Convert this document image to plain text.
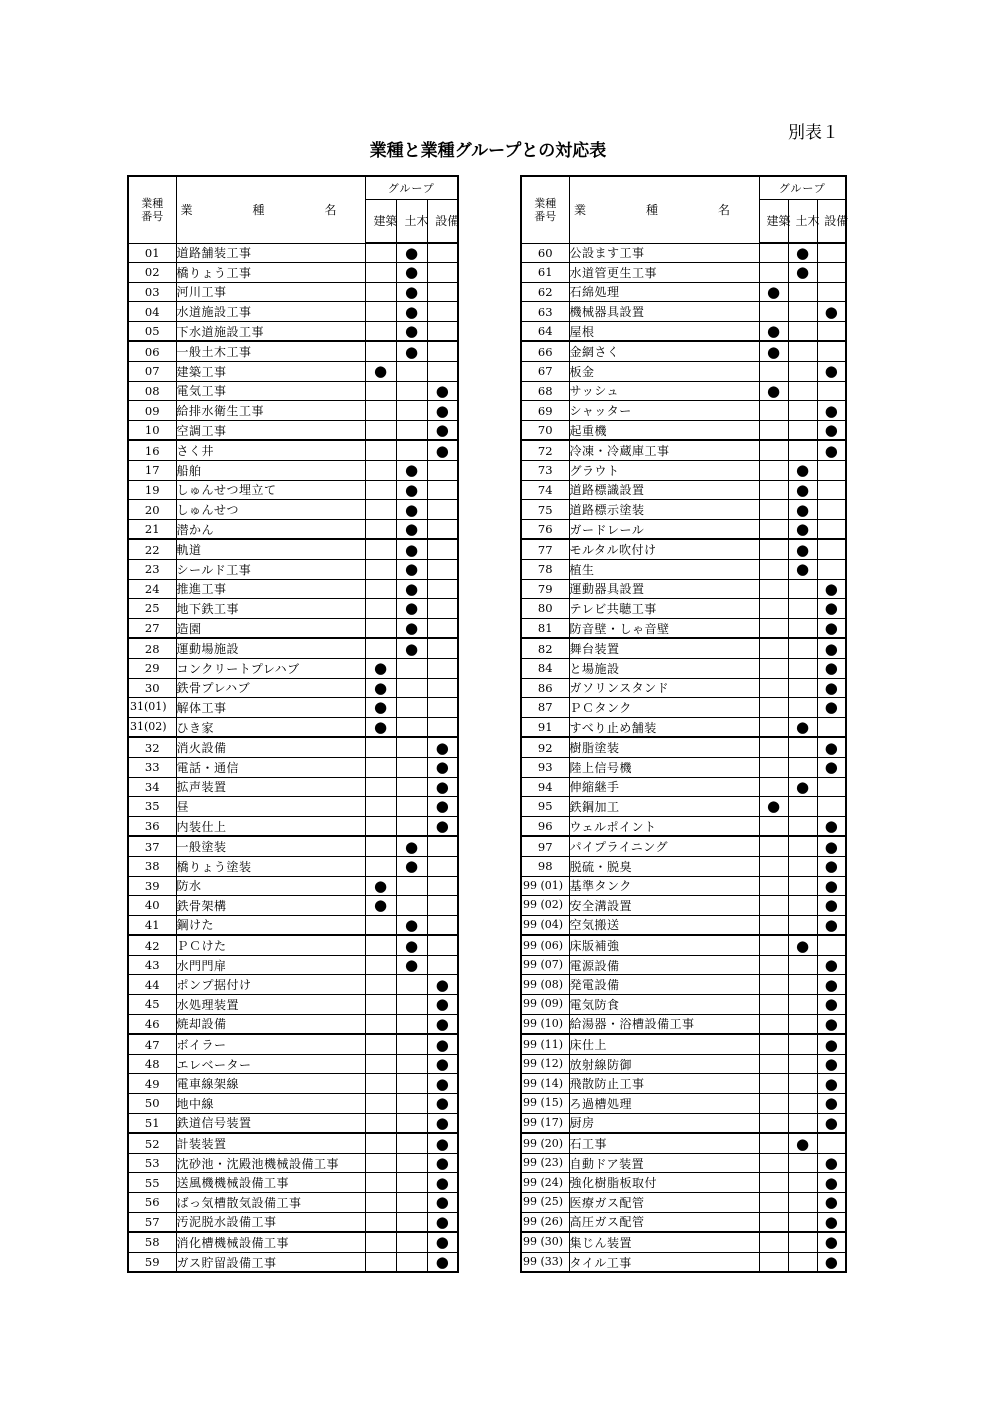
別表１
業種と業種グループとの対応表
業種番号	業　種　名	グループ		
		建築	土木	設備
01	道路舗装工事		●	
02	橋りょう工事		●	
03	河川工事		●	
04	水道施設工事		●	
05	下水道施設工事		●	
06	一般土木工事		●	
07	建築工事	●		
08	電気工事			●
09	給排水衛生工事			●
10	空調工事			●
16	さく井			●
17	船舶		●	
19	しゅんせつ埋立て		●	
20	しゅんせつ		●	
21	潜かん		●	
22	軌道		●	
23	シールド工事		●	
24	推進工事		●	
25	地下鉄工事		●	
27	造園		●	
28	運動場施設		●	
29	コンクリートプレハブ	●		
30	鉄骨プレハブ	●		
31(01)	解体工事	●		
31(02)	ひき家	●		
32	消火設備			●
33	電話・通信			●
34	拡声装置			●
35	昼			●
36	内装仕上			●
37	一般塗装		●	
38	橋りょう塗装		●	
39	防水	●		
40	鉄骨架構	●		
41	鋼けた		●	
42	ＰＣけた		●	
43	水門門扉		●	
44	ポンプ据付け			●
45	水処理装置			●
46	焼却設備			●
47	ボイラー			●
48	エレベーター			●
49	電車線架線			●
50	地中線			●
51	鉄道信号装置			●
52	計装装置			●
53	沈砂池・沈殿池機械設備工事			●
55	送風機機械設備工事			●
56	ばっ気槽散気設備工事			●
57	汚泥脱水設備工事			●
58	消化槽機械設備工事			●
59	ガス貯留設備工事			●
業種番号	業　種　名	グループ		
		建築	土木	設備
60	公設ます工事		●	
61	水道管更生工事		●	
62	石綿処理	●		
63	機械器具設置			●
64	屋根	●		
66	金網さく	●		
67	板金			●
68	サッシュ	●		
69	シャッター			●
70	起重機			●
72	冷凍・冷蔵庫工事			●
73	グラウト		●	
74	道路標識設置		●	
75	道路標示塗装		●	
76	ガードレール		●	
77	モルタル吹付け		●	
78	植生		●	
79	運動器具設置			●
80	テレビ共聴工事			●
81	防音壁・しゃ音壁			●
82	舞台装置			●
84	と場施設			●
86	ガソリンスタンド			●
87	ＰＣタンク			●
91	すべり止め舗装		●	
92	樹脂塗装			●
93	陸上信号機			●
94	伸縮継手		●	
95	鉄鋼加工	●		
96	ウェルポイント			●
97	パイプライニング			●
98	脱硫・脱臭			●
99 (01)	基準タンク			●
99 (02)	安全溝設置			●
99 (04)	空気搬送			●
99 (06)	床版補強		●	
99 (07)	電源設備			●
99 (08)	発電設備			●
99 (09)	電気防食			●
99 (10)	給湯器・浴槽設備工事			●
99 (11)	床仕上			●
99 (12)	放射線防御			●
99 (14)	飛散防止工事			●
99 (15)	ろ過槽処理			●
99 (17)	厨房			●
99 (20)	石工事		●	
99 (23)	自動ドア装置			●
99 (24)	強化樹脂板取付			●
99 (25)	医療ガス配管			●
99 (26)	高圧ガス配管			●
99 (30)	集じん装置			●
99 (33)	タイル工事			●
